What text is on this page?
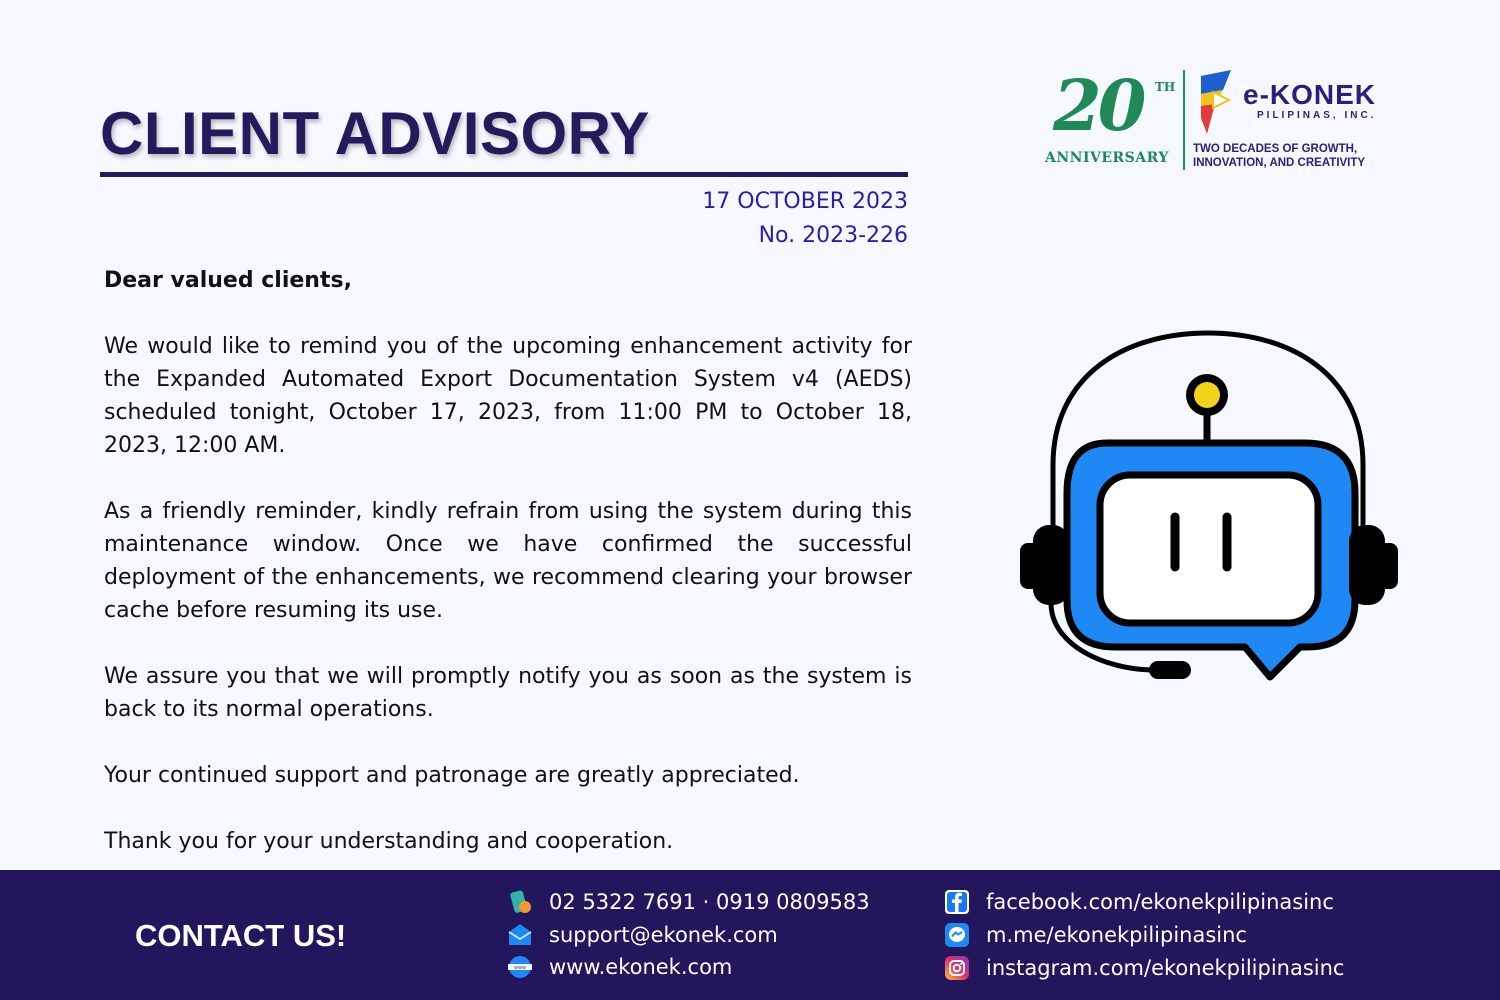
CLIENT ADVISORY
17 OCTOBER 2023
No. 2023-226

Dear valued clients,

We would like to remind you of the upcoming enhancement activity for the Expanded Automated Export Documentation System v4 (AEDS) scheduled tonight, October 17, 2023, from 11:00 PM to October 18, 2023, 12:00 AM.

As a friendly reminder, kindly refrain from using the system during this maintenance window. Once we have confirmed the successful deployment of the enhancements, we recommend clearing your browser cache before resuming its use.

We assure you that we will promptly notify you as soon as the system is back to its normal operations.

Your continued support and patronage are greatly appreciated.

Thank you for your understanding and cooperation.

20 TH
ANNIVERSARY
e-KONEK
PILIPINAS, INC.
TWO DECADES OF GROWTH,
INNOVATION, AND CREATIVITY
CONTACT US!
02 5322 7691 · 0919 0809583
support@ekonek.com
www www.ekonek.com
facebook.com/ekonekpilipinasinc
m.me/ekonekpilipinasinc
instagram.com/ekonekpilipinasinc
